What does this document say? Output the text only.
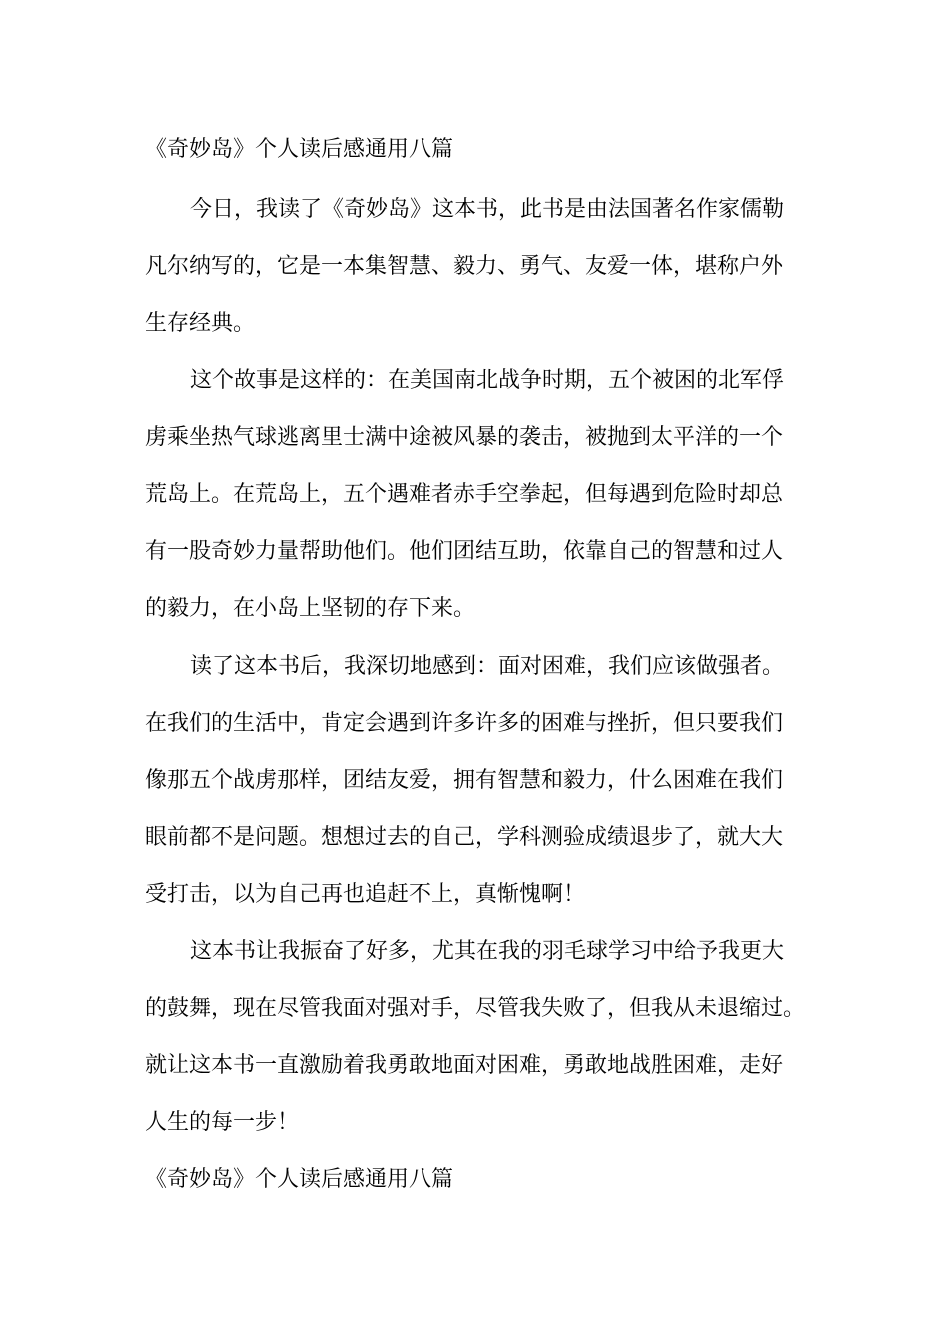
《奇妙岛》个人读后感通用八篇

今日，我读了《奇妙岛》这本书，此书是由法国著名作家儒勒

凡尔纳写的，它是一本集智慧、毅力、勇气、友爱一体，堪称户外

生存经典。

这个故事是这样的：在美国南北战争时期，五个被困的北军俘

虏乘坐热气球逃离里士满中途被风暴的袭击，被抛到太平洋的一个

荒岛上。在荒岛上，五个遇难者赤手空拳起，但每遇到危险时却总

有一股奇妙力量帮助他们。他们团结互助，依靠自己的智慧和过人

的毅力，在小岛上坚韧的存下来。

读了这本书后，我深切地感到：面对困难，我们应该做强者。

在我们的生活中，肯定会遇到许多许多的困难与挫折，但只要我们

像那五个战虏那样，团结友爱，拥有智慧和毅力，什么困难在我们

眼前都不是问题。想想过去的自己，学科测验成绩退步了，就大大

受打击，以为自己再也追赶不上，真惭愧啊！

这本书让我振奋了好多，尤其在我的羽毛球学习中给予我更大

的鼓舞，现在尽管我面对强对手，尽管我失败了，但我从未退缩过。

就让这本书一直激励着我勇敢地面对困难，勇敢地战胜困难，走好

人生的每一步！

《奇妙岛》个人读后感通用八篇
